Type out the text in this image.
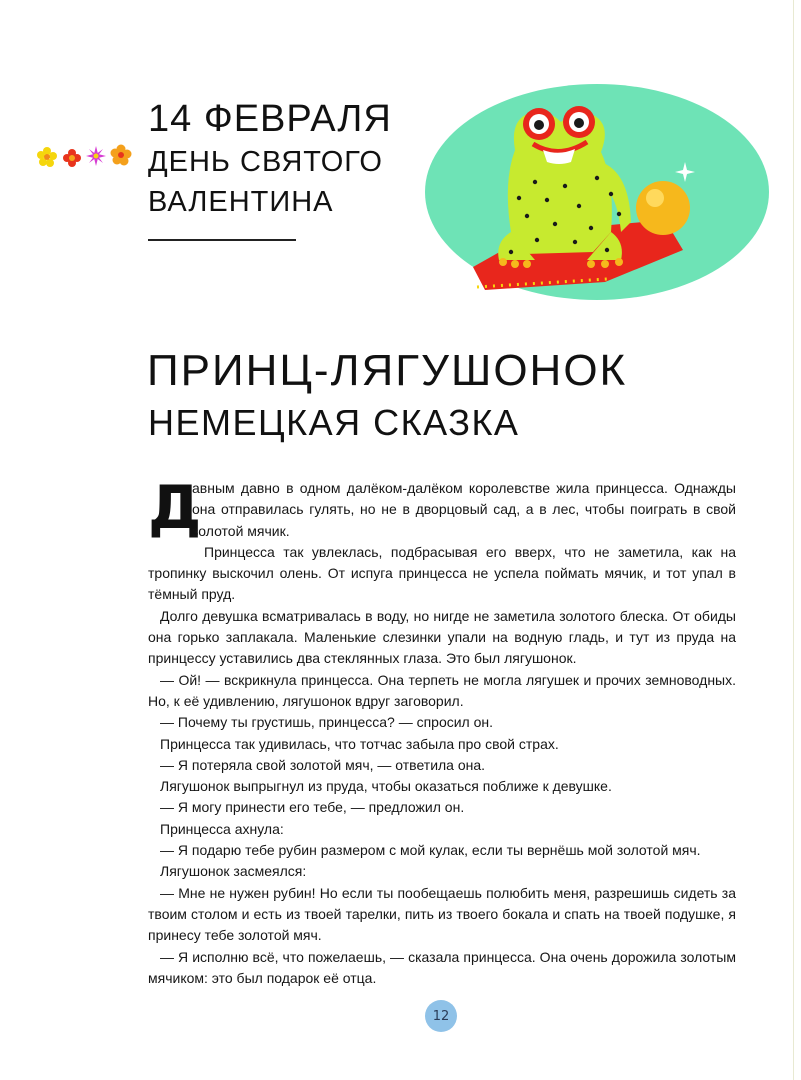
14 ФЕВРАЛЯ
ДЕНЬ СВЯТОГО
ВАЛЕНТИНА
ПРИНЦ-ЛЯГУШОНОК
НЕМЕЦКАЯ СКАЗКА

Д
авным давно в одном далёком-далёком королевстве жила принцесса. Однажды она отправилась гулять, но не в дворцовый сад, а в лес, чтобы поиграть в свой золотой мячик.

Принцесса так увлеклась, подбрасывая его вверх, что не заметила, как на тропинку выскочил олень. От испуга принцесса не успела поймать мячик, и тот упал в тёмный пруд.

Долго девушка всматривалась в воду, но нигде не заметила золотого блеска. От обиды она горько заплакала. Маленькие слезинки упали на водную гладь, и тут из пруда на принцессу уставились два стеклянных глаза. Это был лягушонок.

— Ой! — вскрикнула принцесса. Она терпеть не могла лягушек и прочих земноводных. Но, к её удивлению, лягушонок вдруг заговорил.

— Почему ты грустишь, принцесса? — спросил он.

Принцесса так удивилась, что тотчас забыла про свой страх.

— Я потеряла свой золотой мяч, — ответила она.

Лягушонок выпрыгнул из пруда, чтобы оказаться поближе к девушке.

— Я могу принести его тебе, — предложил он.

Принцесса ахнула:

— Я подарю тебе рубин размером с мой кулак, если ты вернёшь мой золотой мяч.

Лягушонок засмеялся:

— Мне не нужен рубин! Но если ты пообещаешь полюбить меня, разрешишь сидеть за твоим столом и есть из твоей тарелки, пить из твоего бокала и спать на твоей подушке, я принесу тебе золотой мяч.

— Я исполню всё, что пожелаешь, — сказала принцесса. Она очень дорожила золотым мячиком: это был подарок её отца.

12
